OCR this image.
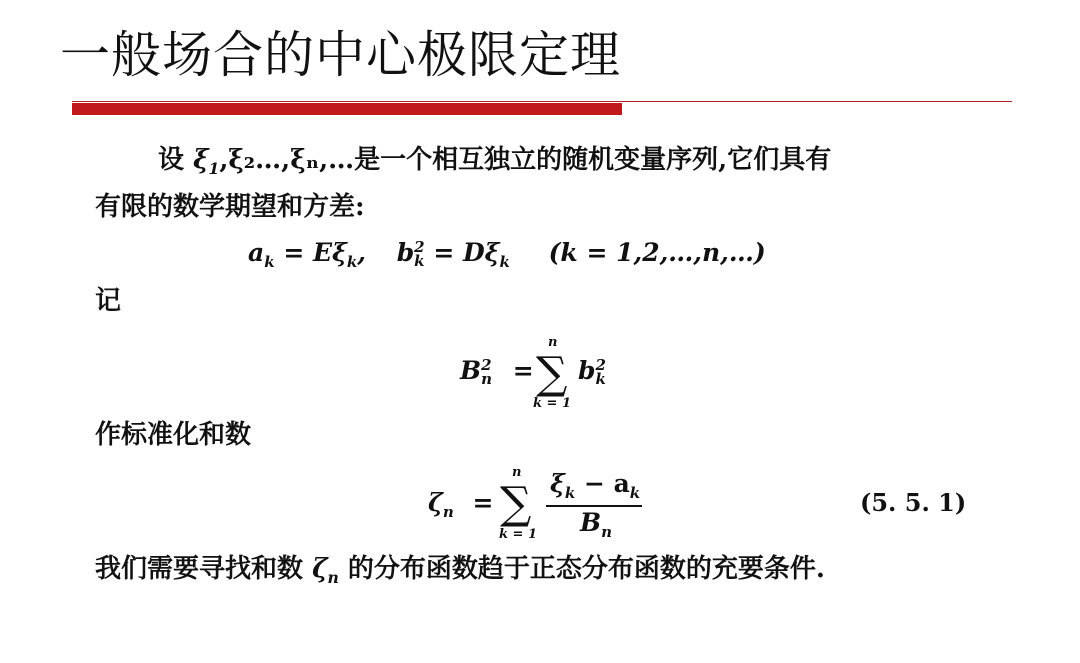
一般场合的中心极限定理
设 $\xi_1,\xi_2\dots,\xi_n,\dots$是一个相互独立的随机变量序列,它们具有
有限的数学期望和方差:
$a_k = E\xi_k$, b 2
$k = D\xi_k$ (k = 1,2,…,n,…)
记
B 2
n =
n
∑
k = 1
b 2
k
作标准化和数
$\zeta_n$ =
n
∑
k = 1
$\xi_k - a_k$
$B_n$
(5. 5. 1)
我们需要寻找和数 $\zeta_n$ 的分布函数趋于正态分布函数的充要条件.
